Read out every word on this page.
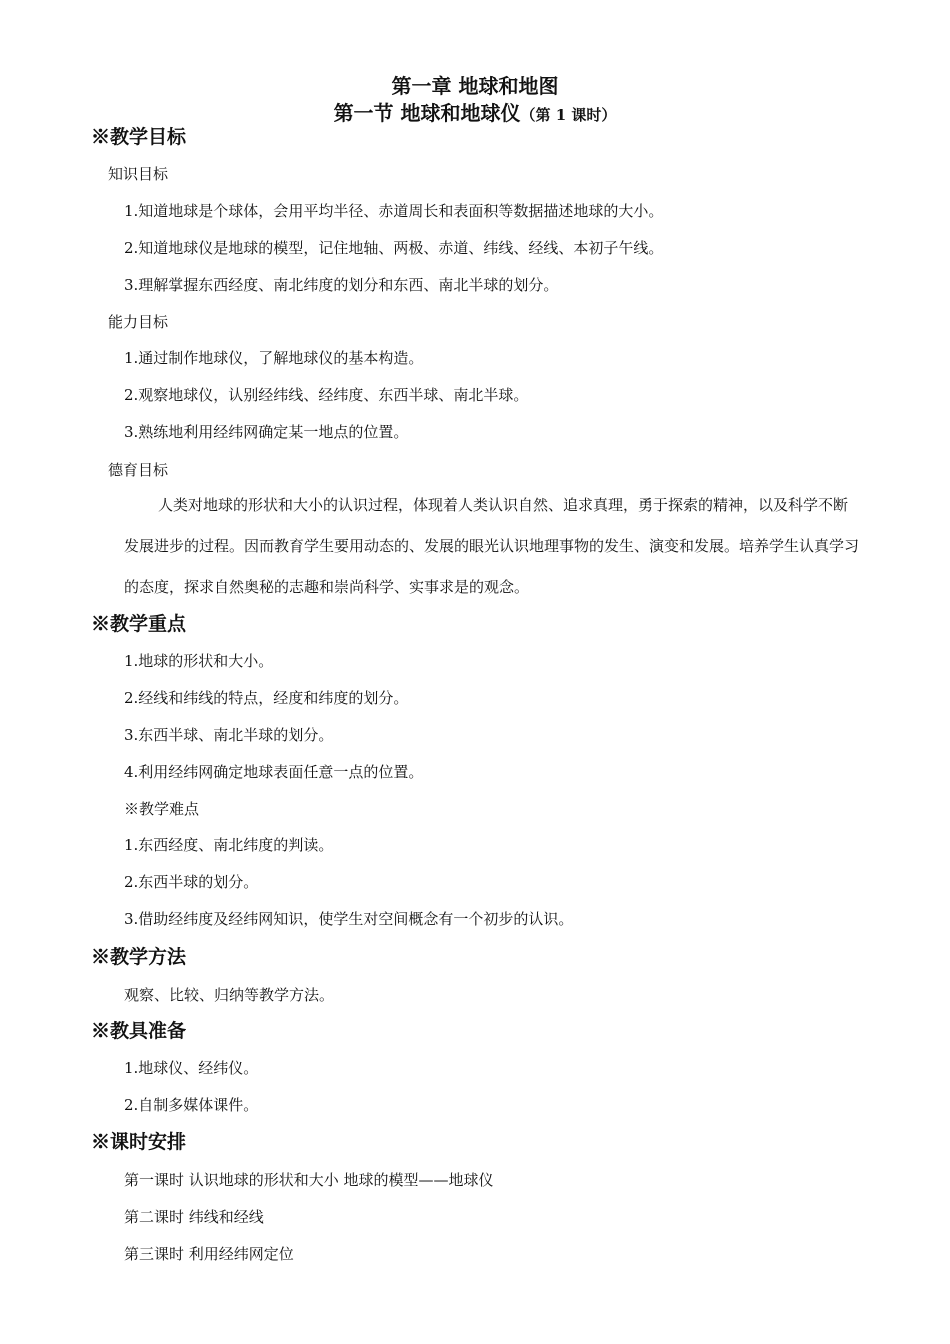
第一章 地球和地图
第一节 地球和地球仪（第 1 课时）
※教学目标
知识目标
1.知道地球是个球体，会用平均半径、赤道周长和表面积等数据描述地球的大小。
2.知道地球仪是地球的模型，记住地轴、两极、赤道、纬线、经线、本初子午线。
3.理解掌握东西经度、南北纬度的划分和东西、南北半球的划分。
能力目标
1.通过制作地球仪，了解地球仪的基本构造。
2.观察地球仪，认别经纬线、经纬度、东西半球、南北半球。
3.熟练地利用经纬网确定某一地点的位置。
德育目标
人类对地球的形状和大小的认识过程，体现着人类认识自然、追求真理，勇于探索的精神，以及科学不断发展进步的过程。因而教育学生要用动态的、发展的眼光认识地理事物的发生、演变和发展。培养学生认真学习的态度，探求自然奥秘的志趣和崇尚科学、实事求是的观念。
※教学重点
1.地球的形状和大小。
2.经线和纬线的特点，经度和纬度的划分。
3.东西半球、南北半球的划分。
4.利用经纬网确定地球表面任意一点的位置。
※教学难点
1.东西经度、南北纬度的判读。
2.东西半球的划分。
3.借助经纬度及经纬网知识，使学生对空间概念有一个初步的认识。
※教学方法
观察、比较、归纳等教学方法。
※教具准备
1.地球仪、经纬仪。
2.自制多媒体课件。
※课时安排
第一课时 认识地球的形状和大小 地球的模型——地球仪
第二课时 纬线和经线
第三课时 利用经纬网定位
